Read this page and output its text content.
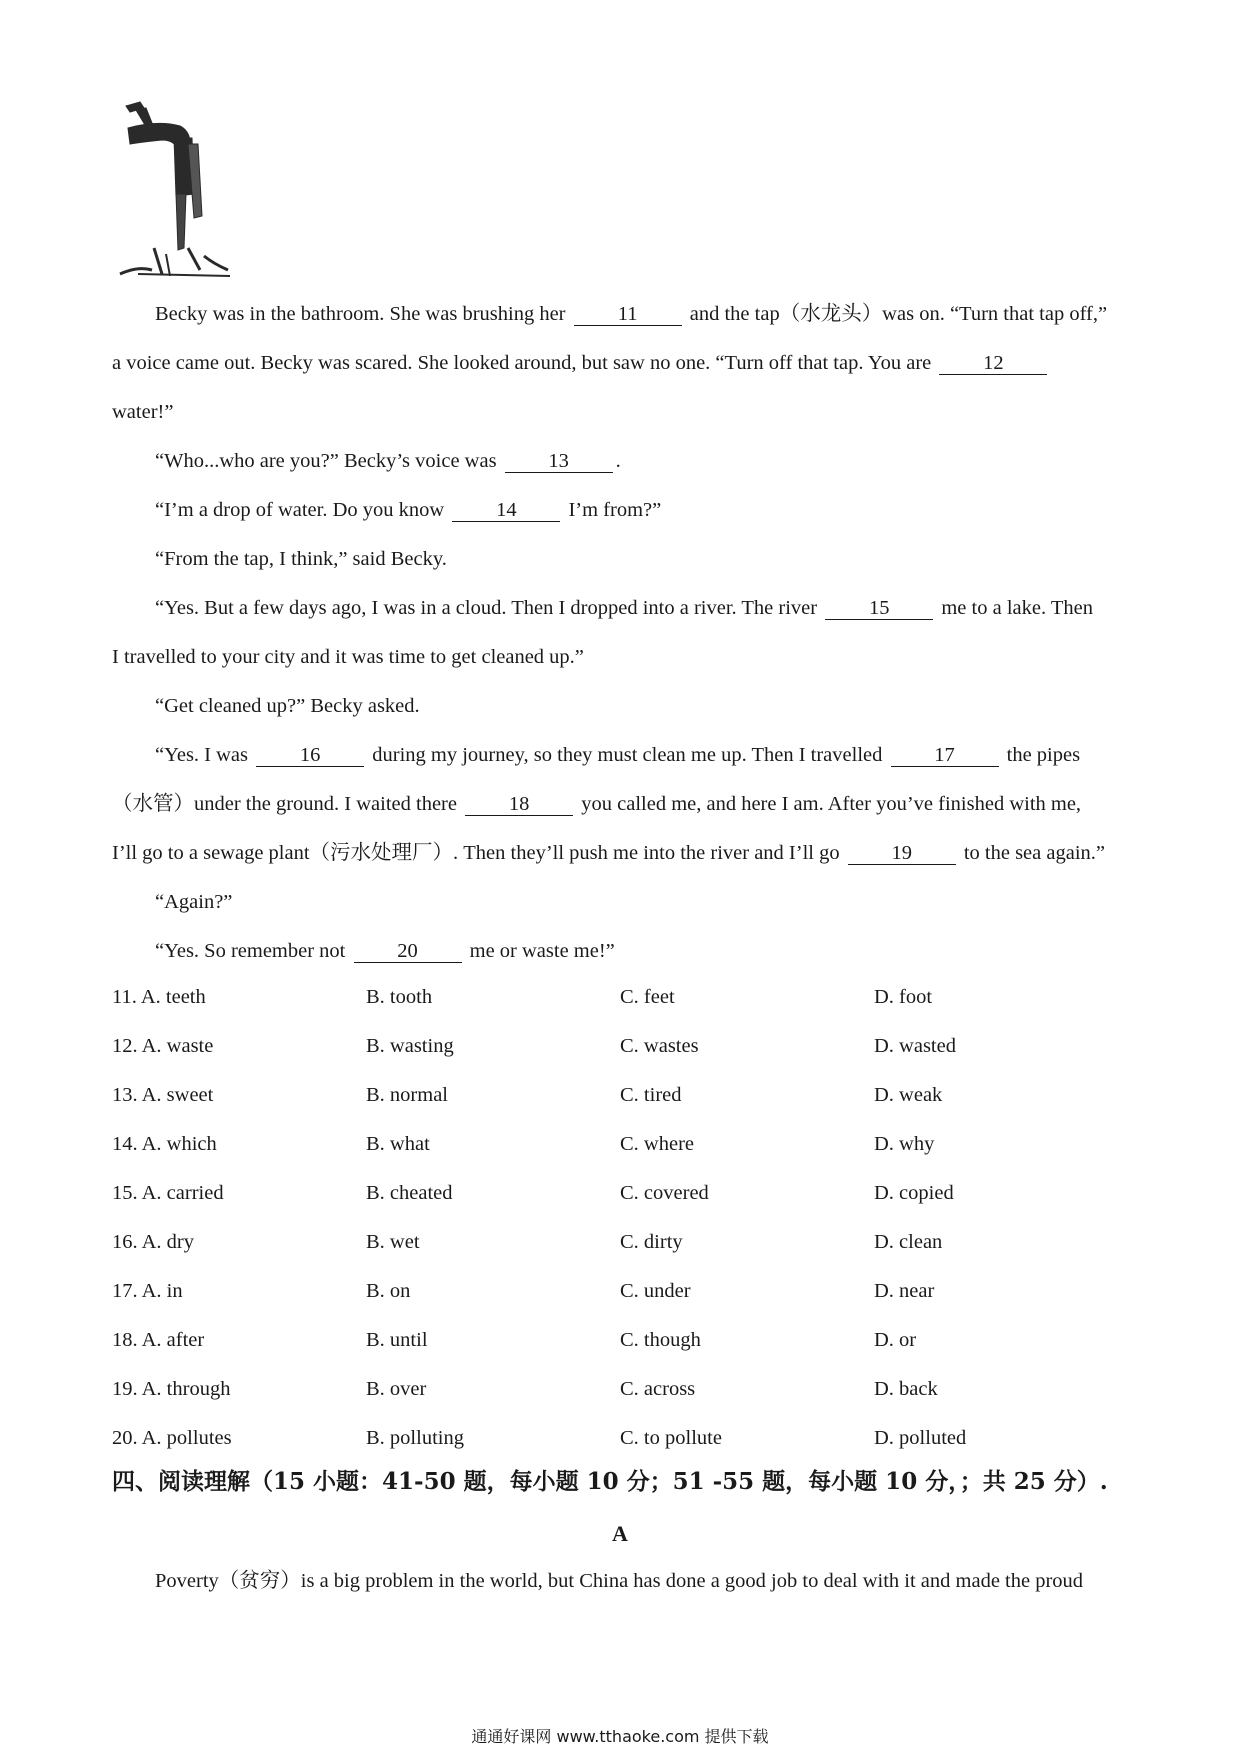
Becky was in the bathroom. She was brushing her 11 and the tap（水龙头）was on. “Turn that tap off,”
a voice came out. Becky was scared. She looked around, but saw no one. “Turn off that tap. You are 12
water!”
“Who...who are you?” Becky’s voice was 13 .
“I’m a drop of water. Do you know 14 I’m from?”
“From the tap, I think,” said Becky.
“Yes. But a few days ago, I was in a cloud. Then I dropped into a river. The river 15 me to a lake. Then
I travelled to your city and it was time to get cleaned up.”
“Get cleaned up?” Becky asked.
“Yes. I was 16 during my journey, so they must clean me up. Then I travelled 17 the pipes
（水管）under the ground. I waited there 18 you called me, and here I am. After you’ve finished with me,
I’ll go to a sewage plant（污水处理厂）. Then they’ll push me into the river and I’ll go 19 to the sea again.”
“Again?”
“Yes. So remember not 20 me or waste me!”
11. A. teeth	B. tooth	C. feet	D. foot
12. A. waste	B. wasting	C. wastes	D. wasted
13. A. sweet	B. normal	C. tired	D. weak
14. A. which	B. what	C. where	D. why
15. A. carried	B. cheated	C. covered	D. copied
16. A. dry	B. wet	C. dirty	D. clean
17. A. in	B. on	C. under	D. near
18. A. after	B. until	C. though	D. or
19. A. through	B. over	C. across	D. back
20. A. pollutes	B. polluting	C. to pollute	D. polluted
四、阅读理解（15 小题：41-50 题，每小题 10 分；51 -55 题，每小题 10 分，；共 25 分）.
A
Poverty（贫穷）is a big problem in the world, but China has done a good job to deal with it and made the proud
通通好课网 www.tthaoke.com 提供下载
